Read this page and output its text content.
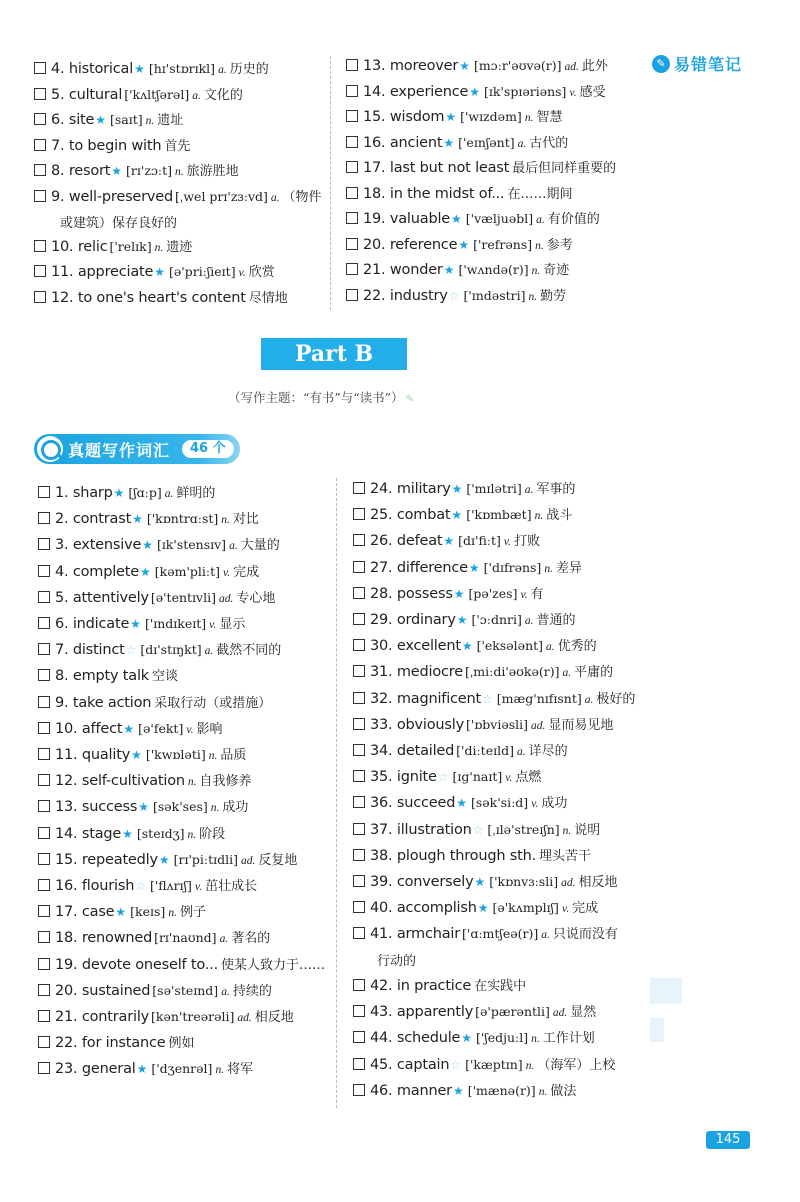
✎ 易错笔记
4. historical★ [hɪ'stɒrɪkl] a. 历史的
5. cultural ['kʌltʃərəl] a. 文化的
6. site★ [saɪt] n. 遗址
7. to begin with 首先
8. resort★ [rɪ'zɔːt] n. 旅游胜地
9. well-preserved [ˌwel prɪ'zɜːvd] a. （物件
10. relic ['relɪk] n. 遗迹
11. appreciate★ [ə'priːʃieɪt] v. 欣赏
12. to one's heart's content 尽情地
或建筑）保存良好的
13. moreover★ [mɔːr'əʊvə(r)] ad. 此外
14. experience★ [ɪk'spɪəriəns] v. 感受
15. wisdom★ ['wɪzdəm] n. 智慧
16. ancient★ ['eɪnʃənt] a. 古代的
17. last but not least 最后但同样重要的
18. in the midst of... 在……期间
19. valuable★ ['væljuəbl] a. 有价值的
20. reference★ ['refrəns] n. 参考
21. wonder★ ['wʌndə(r)] n. 奇迹
22. industry☆ ['ɪndəstri] n. 勤劳
Part B
（写作主题：“有书”与“读书”） ✎
真题写作词汇	46 个
1. sharp★ [ʃɑːp] a. 鲜明的
2. contrast★ ['kɒntrɑːst] n. 对比
3. extensive★ [ɪk'stensɪv] a. 大量的
4. complete★ [kəm'pliːt] v. 完成
5. attentively [ə'tentɪvli] ad. 专心地
6. indicate★ ['ɪndɪkeɪt] v. 显示
7. distinct☆ [dɪ'stɪŋkt] a. 截然不同的
8. empty talk 空谈
9. take action 采取行动（或措施）
10. affect★ [ə'fekt] v. 影响
11. quality★ ['kwɒləti] n. 品质
12. self-cultivation n. 自我修养
13. success★ [sək'ses] n. 成功
14. stage★ [steɪdʒ] n. 阶段
15. repeatedly★ [rɪ'piːtɪdli] ad. 反复地
16. flourish☆ ['flʌrɪʃ] v. 茁壮成长
17. case★ [keɪs] n. 例子
18. renowned [rɪ'naʊnd] a. 著名的
19. devote oneself to... 使某人致力于……
20. sustained [sə'steɪnd] a. 持续的
21. contrarily [kən'treərəli] ad. 相反地
22. for instance 例如
23. general★ ['dʒenrəl] n. 将军
24. military★ ['mɪlətri] a. 军事的
25. combat★ ['kɒmbæt] n. 战斗
26. defeat★ [dɪ'fiːt] v. 打败
27. difference★ ['dɪfrəns] n. 差异
28. possess★ [pə'zes] v. 有
29. ordinary★ ['ɔːdnri] a. 普通的
30. excellent★ ['eksələnt] a. 优秀的
31. mediocre [ˌmiːdi'əʊkə(r)] a. 平庸的
32. magnificent☆ [mæg'nɪfɪsnt] a. 极好的
33. obviously ['ɒbviəsli] ad. 显而易见地
34. detailed ['diːteɪld] a. 详尽的
35. ignite☆ [ɪg'naɪt] v. 点燃
36. succeed★ [sək'siːd] v. 成功
37. illustration☆ [ˌɪlə'streɪʃn] n. 说明
38. plough through sth. 埋头苦干
39. conversely★ ['kɒnvɜːsli] ad. 相反地
40. accomplish★ [ə'kʌmplɪʃ] v. 完成
41. armchair ['ɑːmtʃeə(r)] a. 只说而没有
42. in practice 在实践中
43. apparently [ə'pærəntli] ad. 显然
44. schedule★ ['ʃedjuːl] n. 工作计划
45. captain☆ ['kæptɪn] n. （海军）上校
46. manner★ ['mænə(r)] n. 做法
行动的
145
